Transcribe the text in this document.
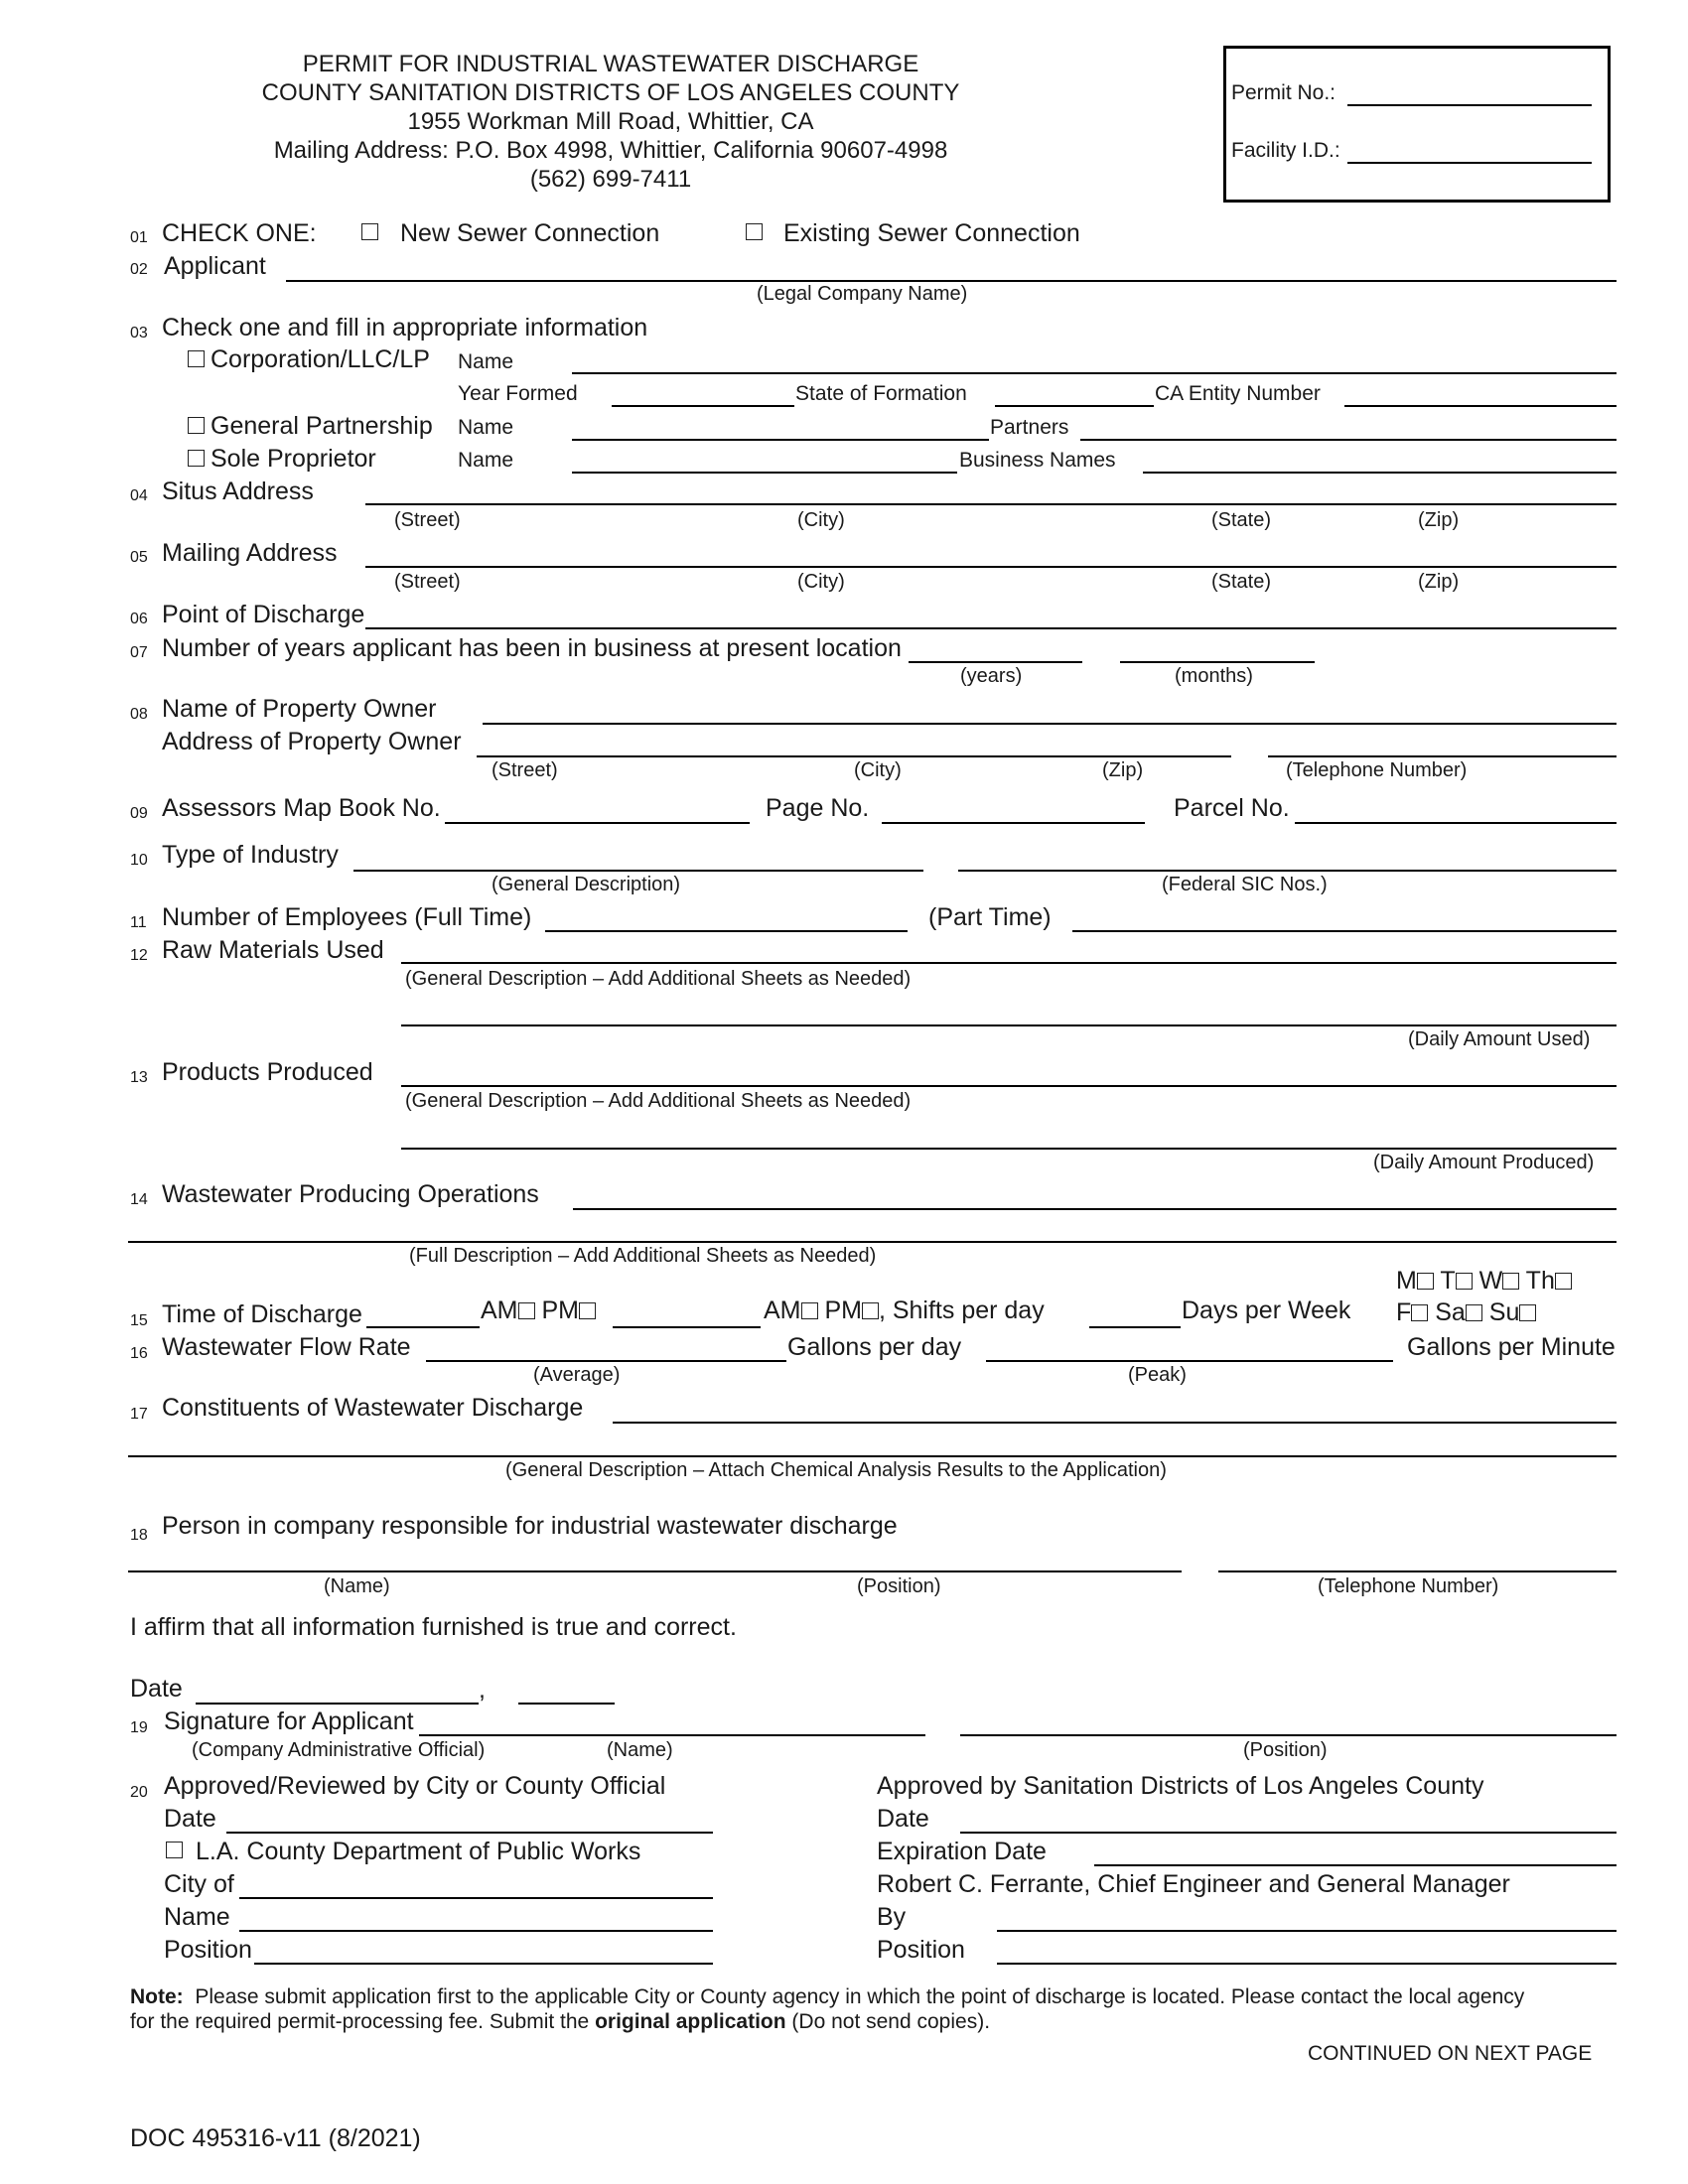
PERMIT FOR INDUSTRIAL WASTEWATER DISCHARGE
COUNTY SANITATION DISTRICTS OF LOS ANGELES COUNTY
1955 Workman Mill Road, Whittier, CA
Mailing Address: P.O. Box 4998, Whittier, California 90607-4998
(562) 699-7411
Permit No.:
Facility I.D.:
01 CHECK ONE:	New Sewer Connection	Existing Sewer Connection
02 Applicant
(Legal Company Name)
03 Check one and fill in appropriate information
Corporation/LLC/LP Name
Year Formed	State of Formation	CA Entity Number
General Partnership Name	Partners
Sole Proprietor	Name	Business Names
04 Situs Address
(Street)	(City)	(State)	(Zip)
05 Mailing Address
(Street)	(City)	(State)	(Zip)
06 Point of Discharge
07 Number of years applicant has been in business at present location
(years)	(months)
08 Name of Property Owner
Address of Property Owner
(Street)	(City)	(Zip)	(Telephone Number)
09 Assessors Map Book No.	Page No.	Parcel No.
10 Type of Industry
(General Description)	(Federal SIC Nos.)
11 Number of Employees (Full Time)	(Part Time)
12 Raw Materials Used
(General Description – Add Additional Sheets as Needed)
(Daily Amount Used)
13 Products Produced
(General Description – Add Additional Sheets as Needed)
(Daily Amount Produced)
14 Wastewater Producing Operations
(Full Description – Add Additional Sheets as Needed)
15 Time of Discharge	AM PM	AM PM , Shifts per day	Days per Week
M T W Th
F Sa Su
16 Wastewater Flow Rate	Gallons per day	Gallons per Minute
(Average)	(Peak)
17 Constituents of Wastewater Discharge
(General Description – Attach Chemical Analysis Results to the Application)
18 Person in company responsible for industrial wastewater discharge
(Name)	(Position)	(Telephone Number)
I affirm that all information furnished is true and correct.
Date	,
19 Signature for Applicant
(Company Administrative Official)	(Name)	(Position)
20 Approved/Reviewed by City or County Official
Date
L.A. County Department of Public Works
City of
Name
Position
Approved by Sanitation Districts of Los Angeles County
Date
Expiration Date
Robert C. Ferrante, Chief Engineer and General Manager
By
Position
Note: Please submit application first to the applicable City or County agency in which the point of discharge is located. Please contact the local agency
for the required permit-processing fee. Submit the original application (Do not send copies).
CONTINUED ON NEXT PAGE
DOC 495316-v11 (8/2021)
